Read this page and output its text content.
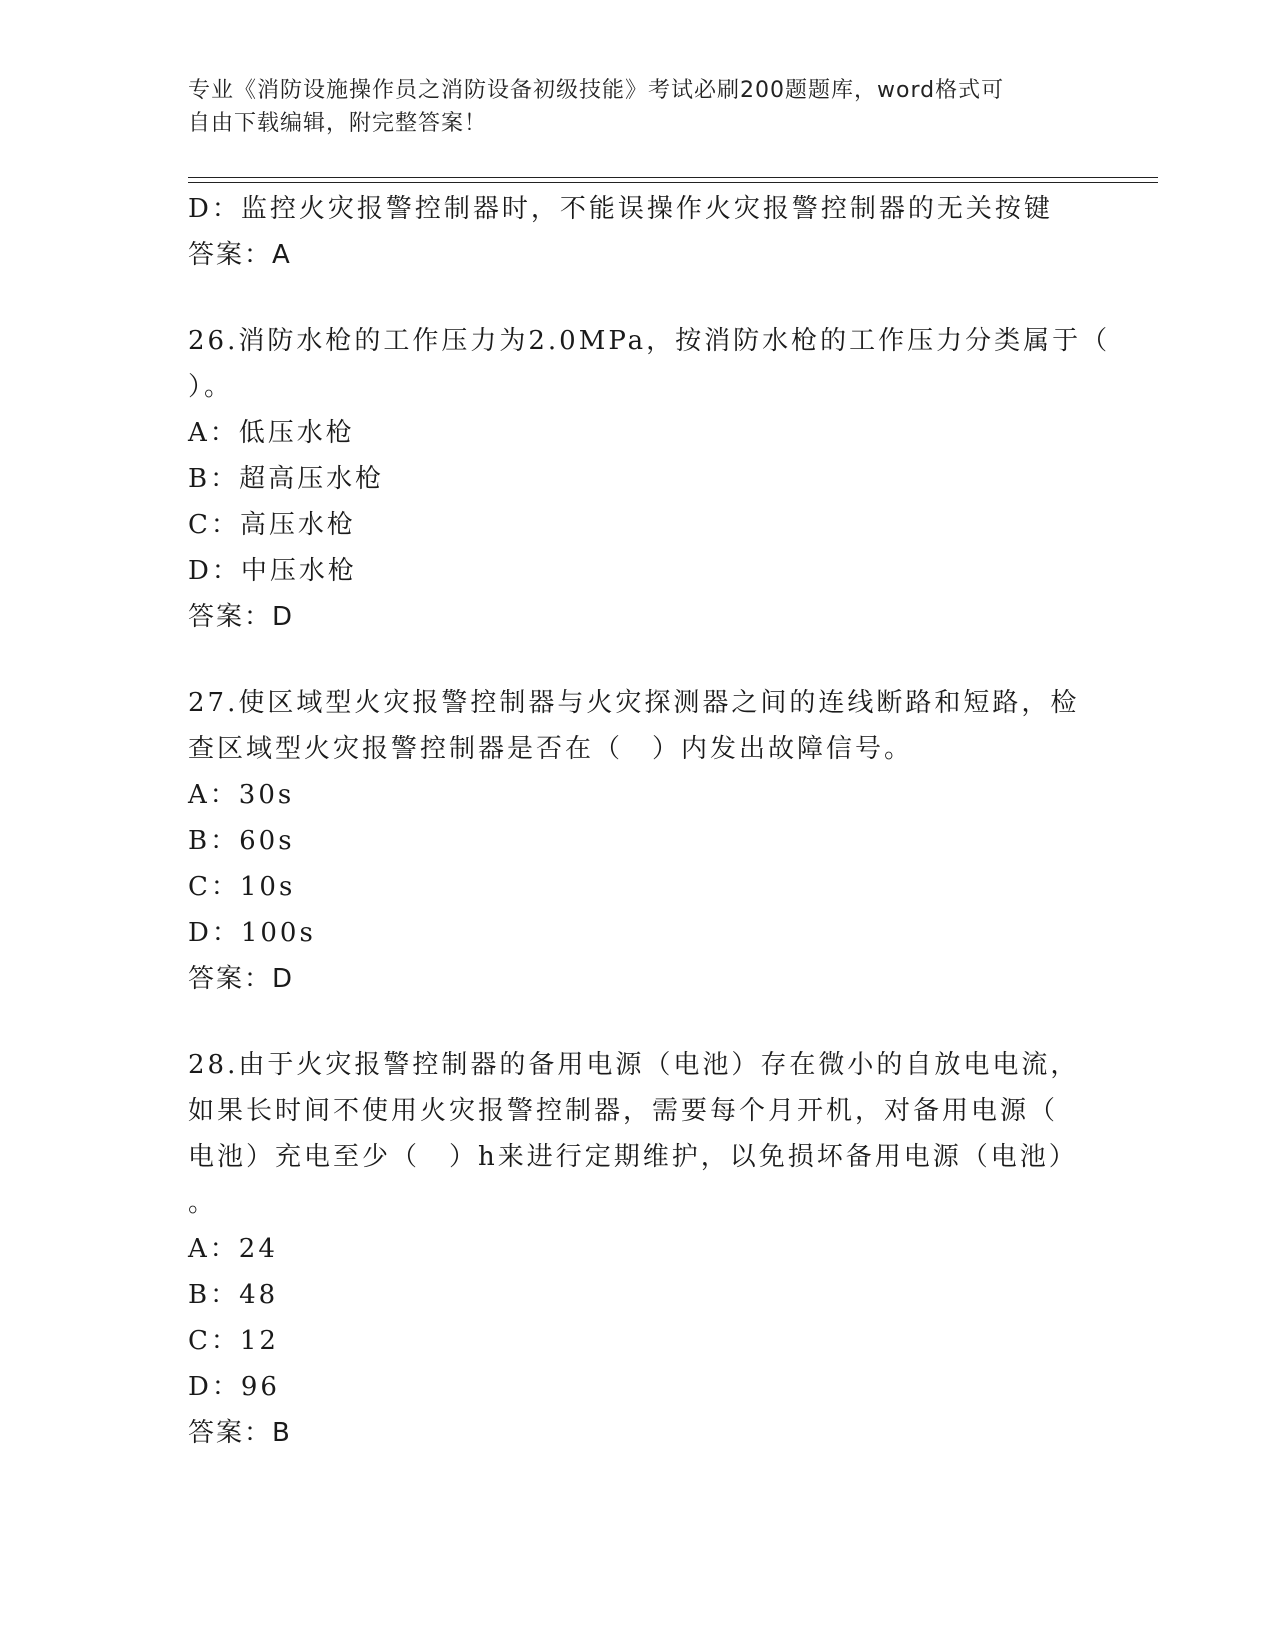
专业《消防设施操作员之消防设备初级技能》考试必刷200题题库，word格式可
自由下载编辑，附完整答案！
D：监控火灾报警控制器时，不能误操作火灾报警控制器的无关按键
答案：A
26.消防水枪的工作压力为2.0MPa，按消防水枪的工作压力分类属于（
）。
A：低压水枪
B：超高压水枪
C：高压水枪
D：中压水枪
答案：D
27.使区域型火灾报警控制器与火灾探测器之间的连线断路和短路，检
查区域型火灾报警控制器是否在（　）内发出故障信号。
A：30s
B：60s
C：10s
D：100s
答案：D
28.由于火灾报警控制器的备用电源（电池）存在微小的自放电电流，
如果长时间不使用火灾报警控制器，需要每个月开机，对备用电源（
电池）充电至少（　）h来进行定期维护，以免损坏备用电源（电池）
。
A：24
B：48
C：12
D：96
答案：B
